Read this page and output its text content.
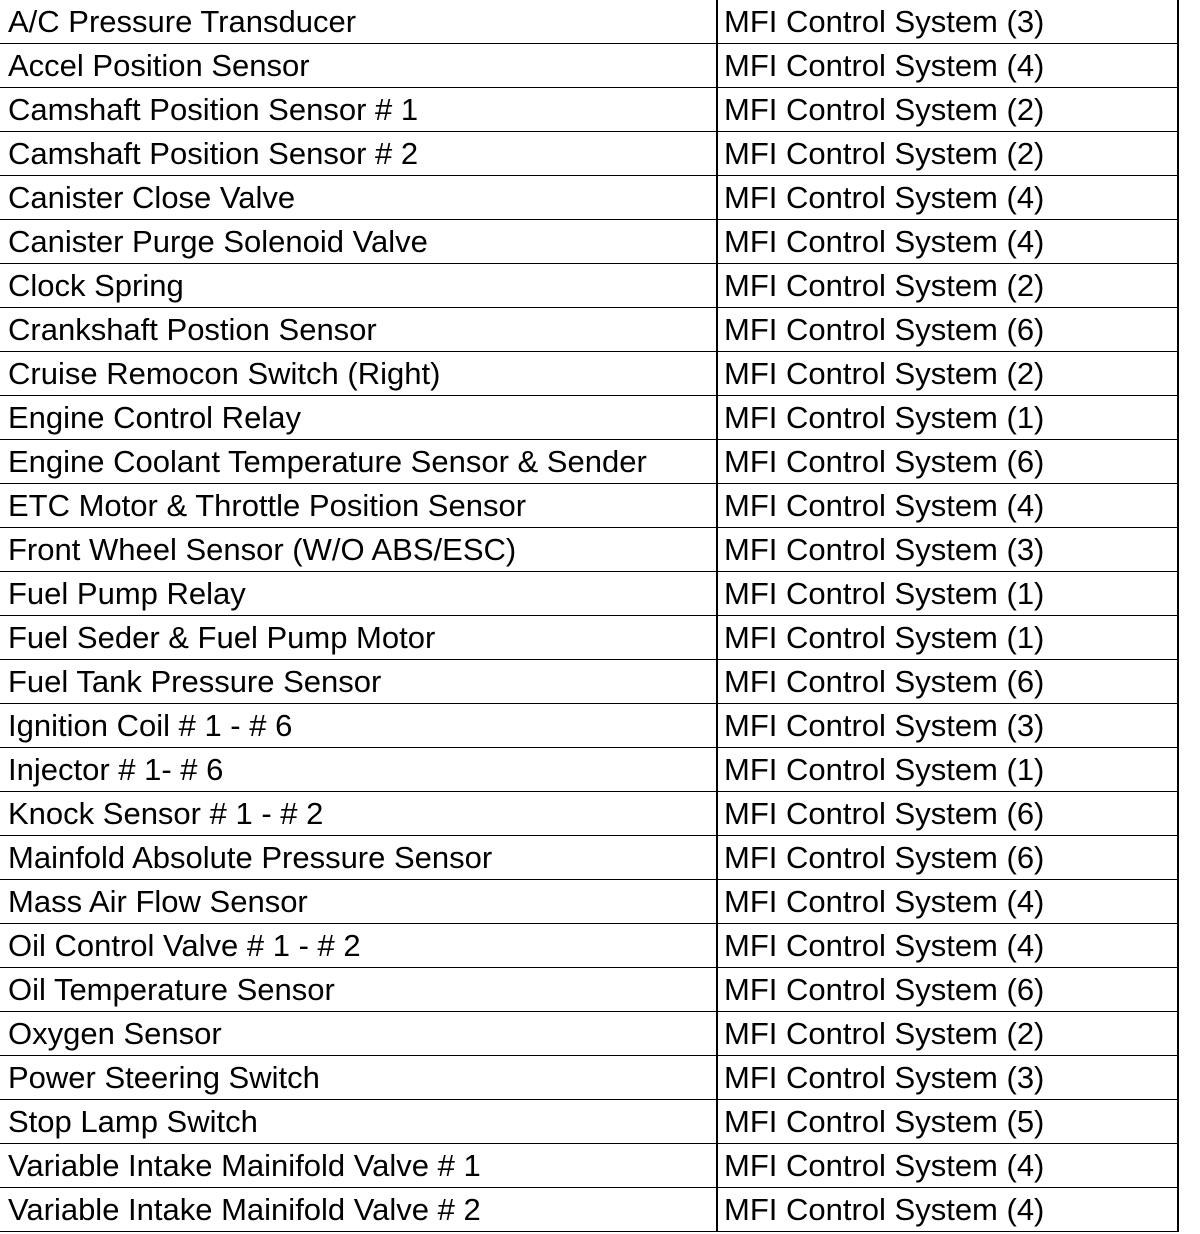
A/C Pressure Transducer	MFI Control System (3)
Accel Position Sensor	MFI Control System (4)
Camshaft Position Sensor # 1	MFI Control System (2)
Camshaft Position Sensor # 2	MFI Control System (2)
Canister Close Valve	MFI Control System (4)
Canister Purge Solenoid Valve	MFI Control System (4)
Clock Spring	MFI Control System (2)
Crankshaft Postion Sensor	MFI Control System (6)
Cruise Remocon Switch (Right)	MFI Control System (2)
Engine Control Relay	MFI Control System (1)
Engine Coolant Temperature Sensor & Sender	MFI Control System (6)
ETC Motor & Throttle Position Sensor	MFI Control System (4)
Front Wheel Sensor (W/O ABS/ESC)	MFI Control System (3)
Fuel Pump Relay	MFI Control System (1)
Fuel Seder & Fuel Pump Motor	MFI Control System (1)
Fuel Tank Pressure Sensor	MFI Control System (6)
Ignition Coil # 1 - # 6	MFI Control System (3)
Injector # 1- # 6	MFI Control System (1)
Knock Sensor # 1 - # 2	MFI Control System (6)
Mainfold Absolute Pressure Sensor	MFI Control System (6)
Mass Air Flow Sensor	MFI Control System (4)
Oil Control Valve # 1 - # 2	MFI Control System (4)
Oil Temperature Sensor	MFI Control System (6)
Oxygen Sensor	MFI Control System (2)
Power Steering Switch	MFI Control System (3)
Stop Lamp Switch	MFI Control System (5)
Variable Intake Mainifold Valve # 1	MFI Control System (4)
Variable Intake Mainifold Valve # 2	MFI Control System (4)
